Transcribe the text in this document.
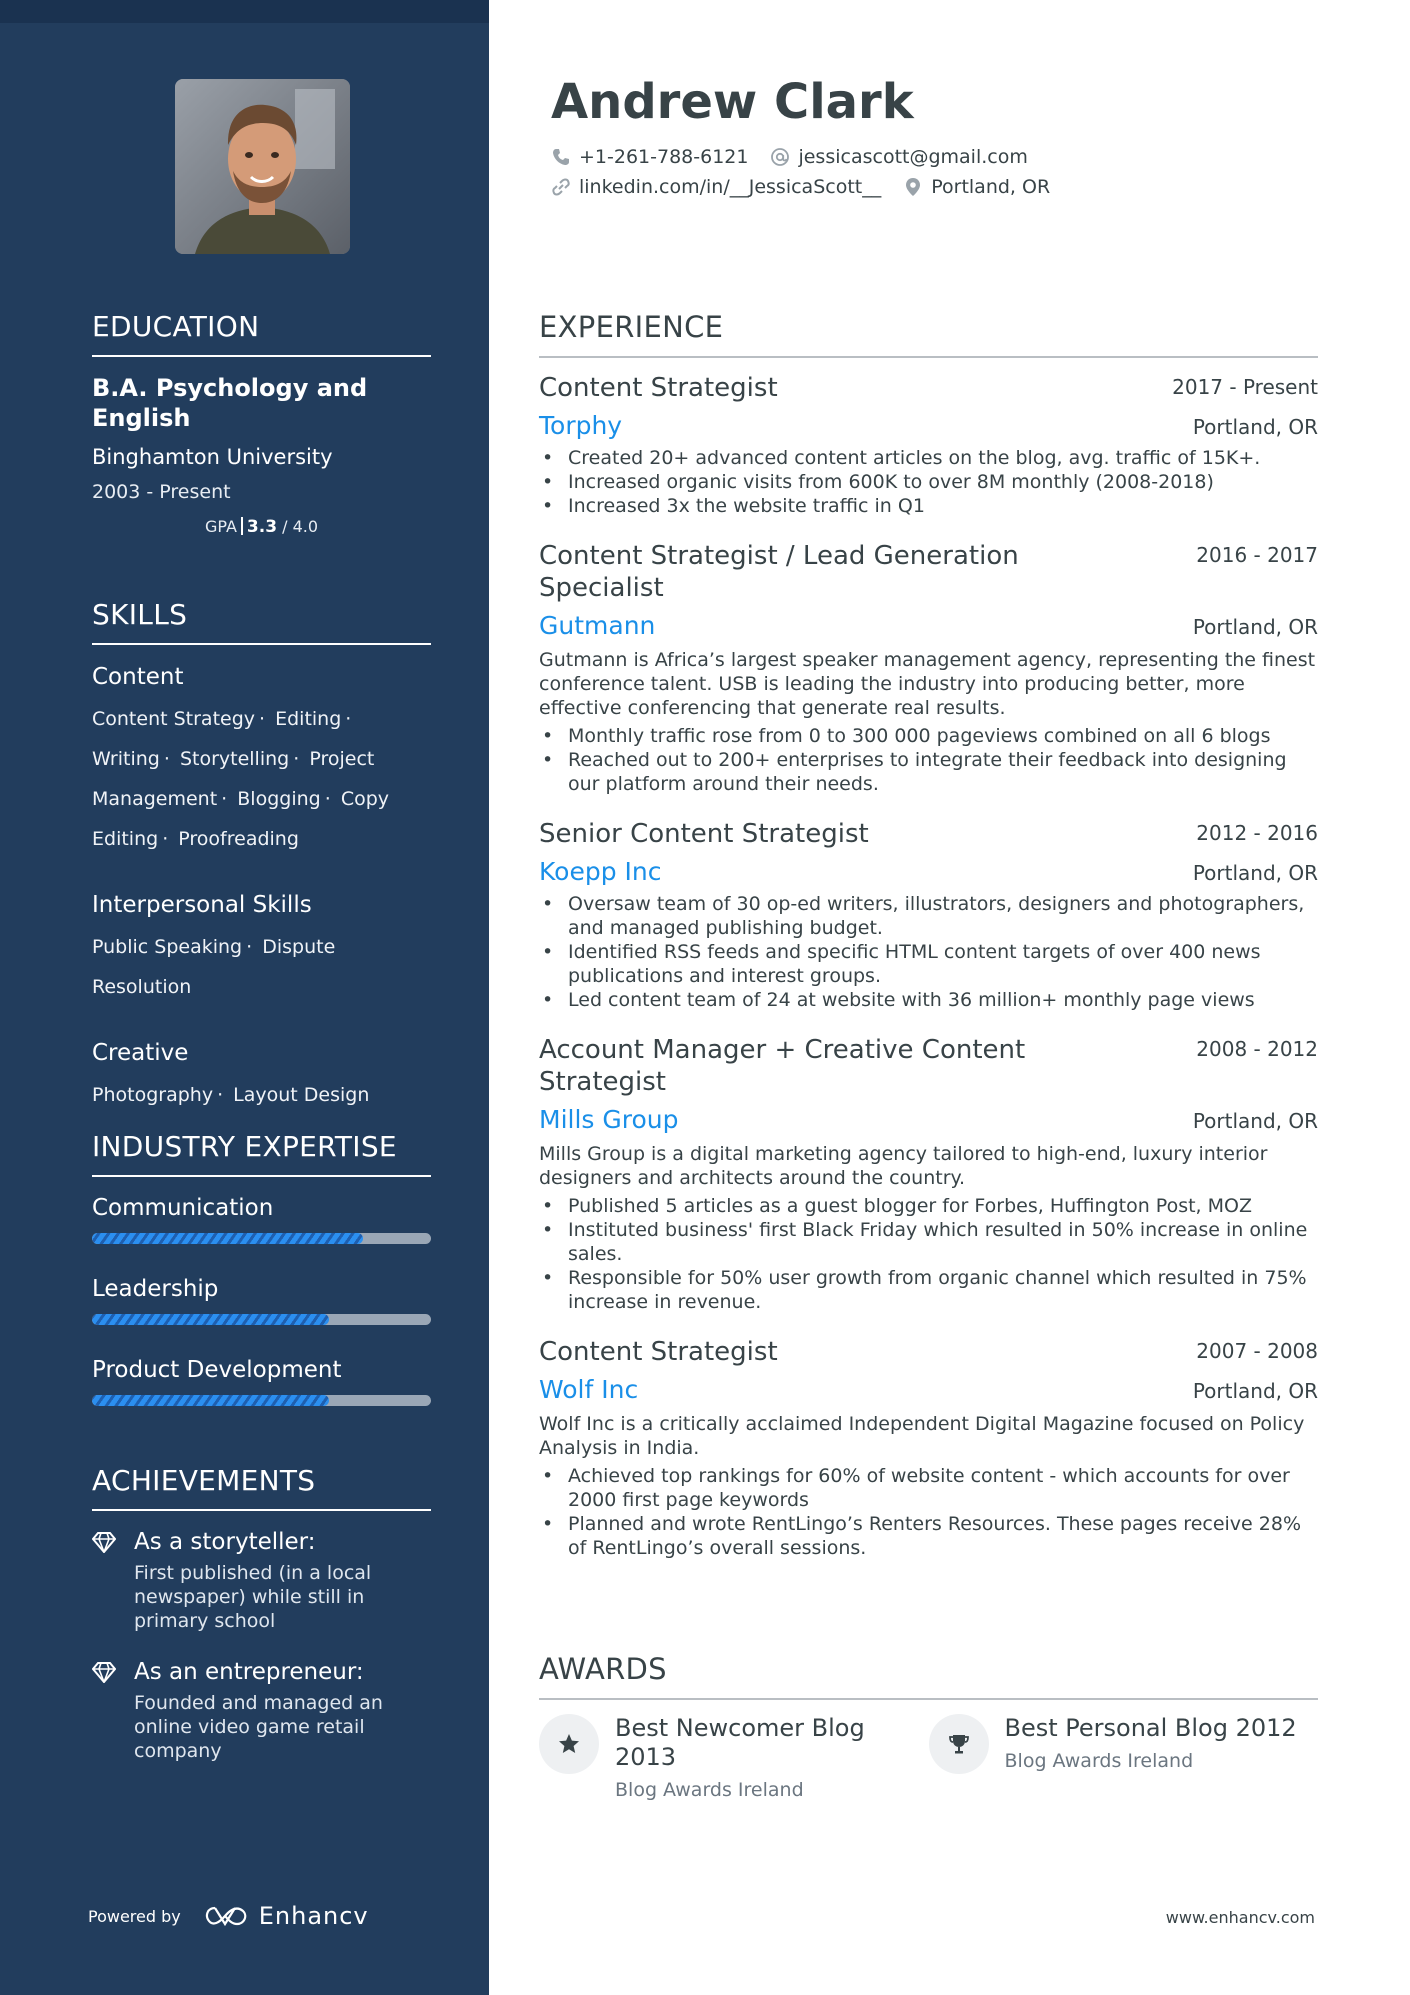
EDUCATION
B.A. Psychology and English
Binghamton University
2003 - Present
GPA 3.3 / 4.0
SKILLS
Content
Content Strategy · Editing · Writing · Storytelling · Project Management · Blogging · Copy Editing · Proofreading
Interpersonal Skills
Public Speaking · Dispute Resolution
Creative
Photography · Layout Design
INDUSTRY EXPERTISE
Communication
Leadership
Product Development
ACHIEVEMENTS
As a storyteller:
First published (in a local newspaper) while still in primary school
As an entrepreneur:
Founded and managed an online video game retail company
Powered by	Enhancv
Andrew Clark
+1-261-788-6121	jessicascott@gmail.com
linkedin.com/in/__JessicaScott__	Portland, OR
EXPERIENCE
Content Strategist	2017 - Present
Torphy	Portland, OR
• Created 20+ advanced content articles on the blog, avg. traffic of 15K+.
• Increased organic visits from 600K to over 8M monthly (2008-2018)
• Increased 3x the website traffic in Q1
Content Strategist / Lead Generation Specialist
2016 - 2017
Gutmann	Portland, OR
Gutmann is Africa’s largest speaker management agency, representing the finest conference talent. USB is leading the industry into producing better, more effective conferencing that generate real results.
• Monthly traffic rose from 0 to 300 000 pageviews combined on all 6 blogs
• Reached out to 200+ enterprises to integrate their feedback into designing our platform around their needs.
Senior Content Strategist	2012 - 2016
Koepp Inc	Portland, OR
• Oversaw team of 30 op-ed writers, illustrators, designers and photographers, and managed publishing budget.
• Identified RSS feeds and specific HTML content targets of over 400 news publications and interest groups.
• Led content team of 24 at website with 36 million+ monthly page views
Account Manager + Creative Content Strategist
2008 - 2012
Mills Group	Portland, OR
Mills Group is a digital marketing agency tailored to high-end, luxury interior designers and architects around the country.
• Published 5 articles as a guest blogger for Forbes, Huffington Post, MOZ
• Instituted business' first Black Friday which resulted in 50% increase in online sales.
• Responsible for 50% user growth from organic channel which resulted in 75% increase in revenue.
Content Strategist	2007 - 2008
Wolf Inc	Portland, OR
Wolf Inc is a critically acclaimed Independent Digital Magazine focused on Policy Analysis in India.
• Achieved top rankings for 60% of website content - which accounts for over 2000 first page keywords
• Planned and wrote RentLingo’s Renters Resources. These pages receive 28% of RentLingo’s overall sessions.
AWARDS
Best Newcomer Blog 2013
Blog Awards Ireland
Best Personal Blog 2012
Blog Awards Ireland
www.enhancv.com
